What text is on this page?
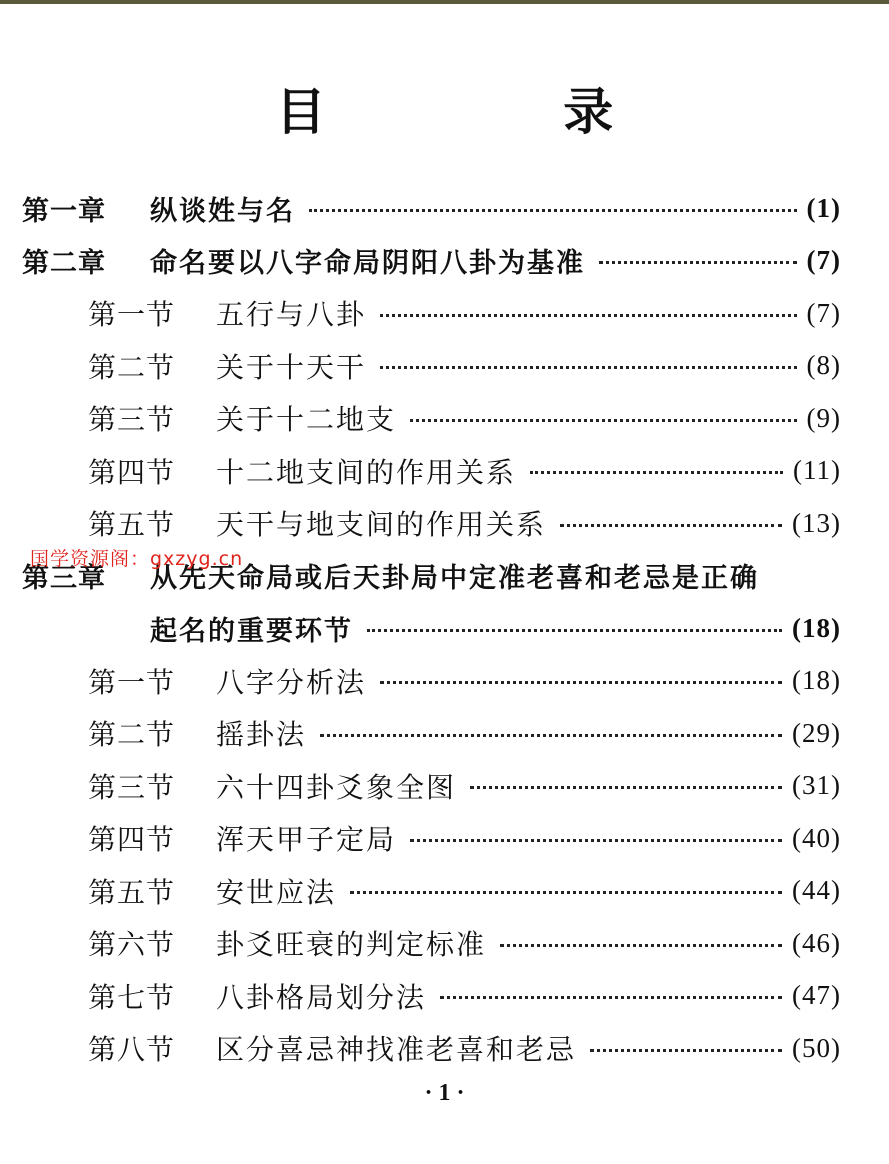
目 录
第一章	纵谈姓与名	(1)
第二章	命名要以八字命局阴阳八卦为基准	(7)
第一节	五行与八卦	(7)
第二节	关于十天干	(8)
第三节	关于十二地支	(9)
第四节	十二地支间的作用关系	(11)
第五节	天干与地支间的作用关系	(13)
第三章	从先天命局或后天卦局中定准老喜和老忌是正确
起名的重要环节	(18)
第一节	八字分析法	(18)
第二节	摇卦法	(29)
第三节	六十四卦爻象全图	(31)
第四节	浑天甲子定局	(40)
第五节	安世应法	(44)
第六节	卦爻旺衰的判定标准	(46)
第七节	八卦格局划分法	(47)
第八节	区分喜忌神找准老喜和老忌	(50)
国学资源阁：gxzyg.cn
· 1 ·
